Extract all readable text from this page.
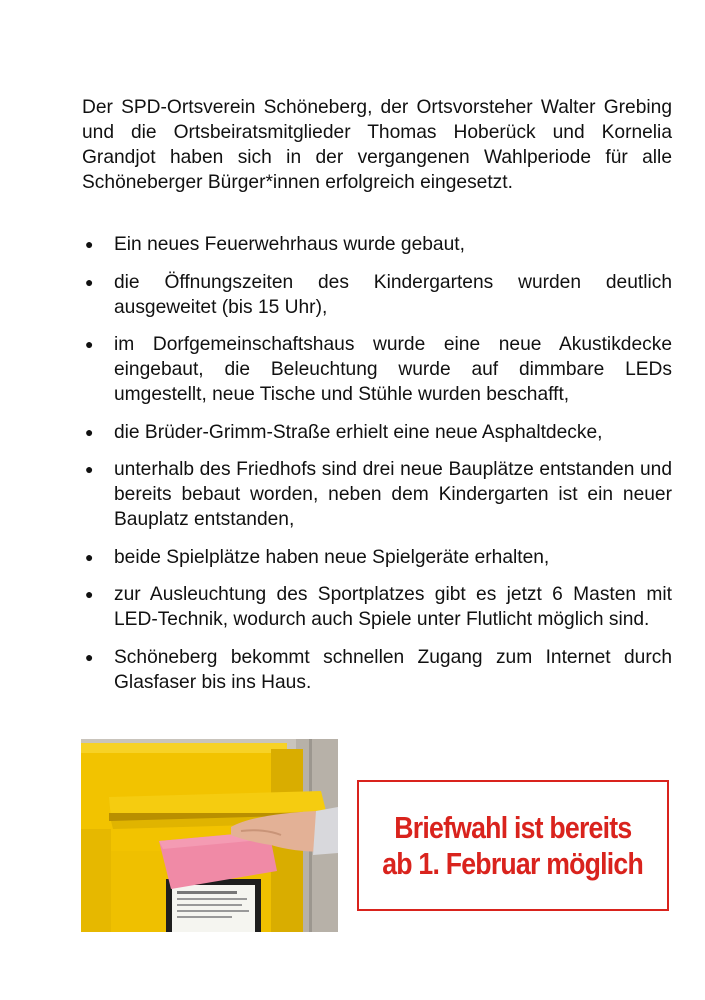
Der SPD-Ortsverein Schöneberg, der Ortsvorsteher Walter Grebing und die Ortsbeiratsmitglieder Thomas Hoberück und Kornelia Grandjot haben sich in der vergangenen Wahlperiode für alle Schöneberger Bürger*innen erfolgreich eingesetzt.

● Ein neues Feuerwehrhaus wurde gebaut,
● die Öffnungszeiten des Kindergartens wurden deutlich ausgeweitet (bis 15 Uhr),
● im Dorfgemeinschaftshaus wurde eine neue Akustikdecke eingebaut, die Beleuchtung wurde auf dimmbare LEDs umgestellt, neue Tische und Stühle wurden beschafft,
● die Brüder-Grimm-Straße erhielt eine neue Asphaltdecke,
● unterhalb des Friedhofs sind drei neue Bauplätze entstanden und bereits bebaut worden, neben dem Kindergarten ist ein neuer Bauplatz entstanden,
● beide Spielplätze haben neue Spielgeräte erhalten,
● zur Ausleuchtung des Sportplatzes gibt es jetzt 6 Masten mit LED-Technik, wodurch auch Spiele unter Flutlicht möglich sind.
● Schöneberg bekommt schnellen Zugang zum Internet durch Glasfaser bis ins Haus.
Briefwahl ist bereits
ab 1. Februar möglich
